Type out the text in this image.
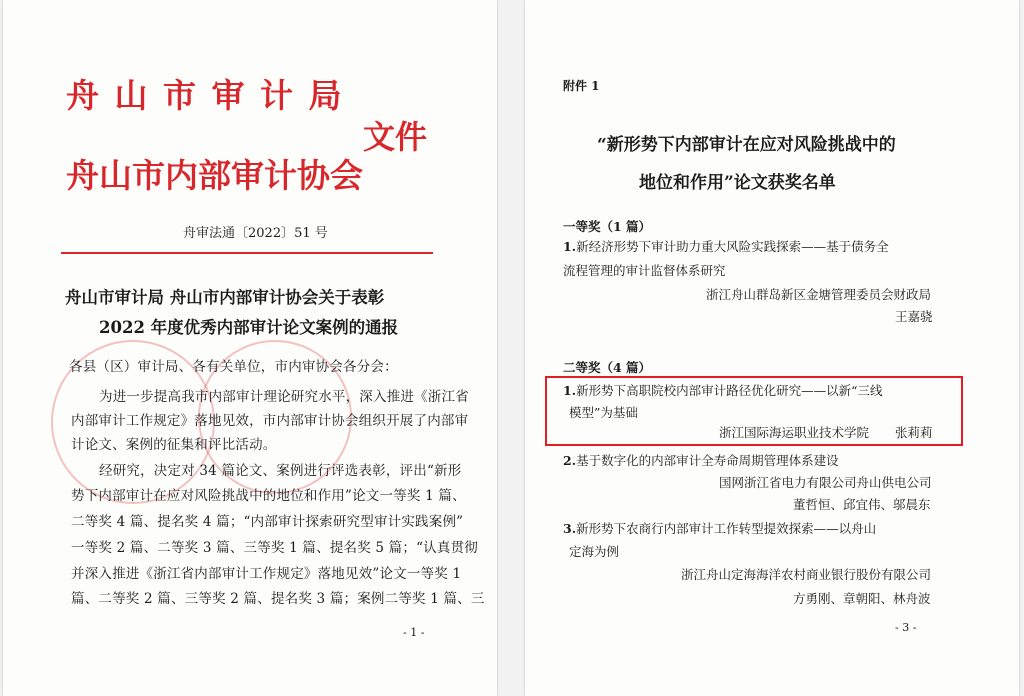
舟 山 市 审 计 局
文件
舟山市内部审计协会
舟审法通〔2022〕51 号
舟山市审计局 舟山市内部审计协会关于表彰
2022 年度优秀内部审计论文案例的通报
各县（区）审计局、各有关单位，市内审协会各分会：
为进一步提高我市内部审计理论研究水平，深入推进《浙江省
内部审计工作规定》落地见效，市内部审计协会组织开展了内部审
计论文、案例的征集和评比活动。
经研究，决定对 34 篇论文、案例进行评选表彰，评出“新形
势下内部审计在应对风险挑战中的地位和作用”论文一等奖 1 篇、
二等奖 4 篇、提名奖 4 篇；“内部审计探索研究型审计实践案例”
一等奖 2 篇、二等奖 3 篇、三等奖 1 篇、提名奖 5 篇；“认真贯彻
并深入推进《浙江省内部审计工作规定》落地见效”论文一等奖 1
篇、二等奖 2 篇、三等奖 2 篇、提名奖 3 篇；案例二等奖 1 篇、三
- 1 -
附件 1
“新形势下内部审计在应对风险挑战中的
地位和作用”论文获奖名单
一等奖（1 篇）
1.新经济形势下审计助力重大风险实践探索——基于债务全
流程管理的审计监督体系研究
浙江舟山群岛新区金塘管理委员会财政局
王嘉骁
二等奖（4 篇）
1.新形势下高职院校内部审计路径优化研究——以新“三线
模型”为基础
浙江国际海运职业技术学院 张莉莉
2.基于数字化的内部审计全寿命周期管理体系建设
国网浙江省电力有限公司舟山供电公司
董哲恒、邱宜伟、邬晨东
3.新形势下农商行内部审计工作转型提效探索——以舟山
定海为例
浙江舟山定海海洋农村商业银行股份有限公司
方勇刚、章朝阳、林舟波
- 3 -
